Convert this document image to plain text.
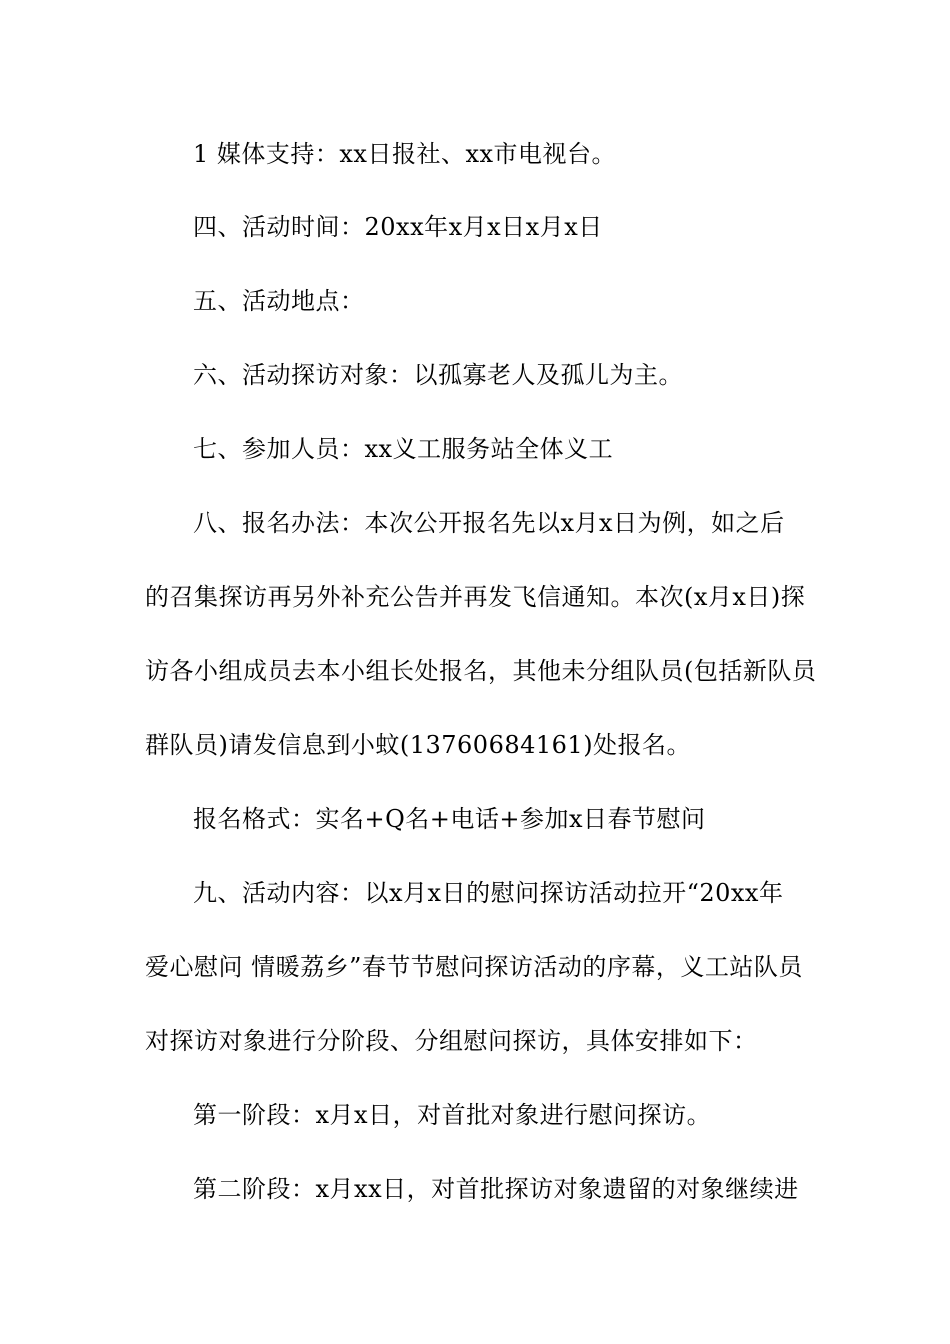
1 媒体支持：xx日报社、xx市电视台。
四、活动时间：20xx年x月x日x月x日
五、活动地点：
六、活动探访对象：以孤寡老人及孤儿为主。
七、参加人员：xx义工服务站全体义工
八、报名办法：本次公开报名先以x月x日为例，如之后
的召集探访再另外补充公告并再发飞信通知。本次(x月x日)探
访各小组成员去本小组长处报名，其他未分组队员(包括新队员
群队员)请发信息到小蚊(13760684161)处报名。
报名格式：实名+Q名+电话+参加x日春节慰问
九、活动内容：以x月x日的慰问探访活动拉开“20xx年
爱心慰问 情暖荔乡”春节节慰问探访活动的序幕，义工站队员
对探访对象进行分阶段、分组慰问探访，具体安排如下：
第一阶段：x月x日，对首批对象进行慰问探访。
第二阶段：x月xx日，对首批探访对象遗留的对象继续进
